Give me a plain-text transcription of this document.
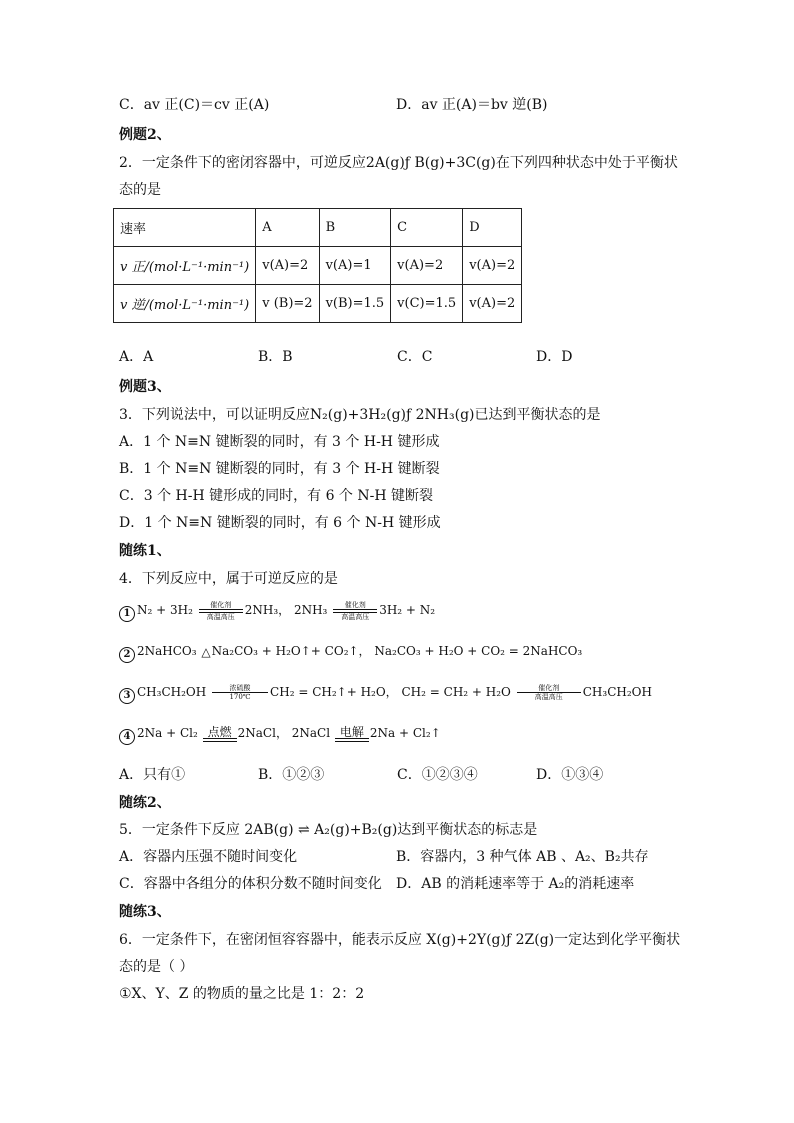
C．av 正(C)＝cv 正(A)	D．av 正(A)＝bv 逆(B)
例题2、
2．一定条件下的密闭容器中，可逆反应2A(g)ƒ B(g)+3C(g)在下列四种状态中处于平衡状
态的是
速率	A	B	C	D
v 正/(mol·L⁻¹·min⁻¹)	v(A)=2	v(A)=1	v(A)=2	v(A)=2
v 逆/(mol·L⁻¹·min⁻¹)	v (B)=2	v(B)=1.5	v(C)=1.5	v(A)=2
A．A	B．B	C．C	D．D
例题3、
3．下列说法中，可以证明反应N₂(g)+3H₂(g)ƒ 2NH₃(g)已达到平衡状态的是
A．1 个 N≡N 键断裂的同时，有 3 个 H-H 键形成
B．1 个 N≡N 键断裂的同时，有 3 个 H-H 键断裂
C．3 个 H-H 键形成的同时，有 6 个 N-H 键断裂
D．1 个 N≡N 键断裂的同时，有 6 个 N-H 键形成
随练1、
4．下列反应中，属于可逆反应的是
1 N₂ + 3H₂	催化剂
高温高压 2NH₃， 2NH₃	催化剂
高温高压 3H₂ + N₂
2 2NaHCO₃ △ Na₂CO₃ + H₂O↑+ CO₂↑， Na₂CO₃ + H₂O + CO₂ = 2NaHCO₃
3 CH₃CH₂OH	浓硫酸
170℃	CH₂ = CH₂↑+ H₂O， CH₂ = CH₂ + H₂O	催化剂
高温高压	CH₃CH₂OH
4 2Na + Cl₂ 点燃 2NaCl， 2NaCl 电解 2Na + Cl₂↑
A．只有①	B．①②③	C．①②③④	D．①③④
随练2、
5．一定条件下反应 2AB(g) ⇌ A₂(g)+B₂(g)达到平衡状态的标志是
A．容器内压强不随时间变化	B．容器内，3 种气体 AB 、A₂、B₂共存
C．容器中各组分的体积分数不随时间变化 D．AB 的消耗速率等于 A₂的消耗速率
随练3、
6．一定条件下，在密闭恒容容器中，能表示反应 X(g)+2Y(g)ƒ 2Z(g)一定达到化学平衡状
态的是（ ）
①X、Y、Z 的物质的量之比是 1：2：2
